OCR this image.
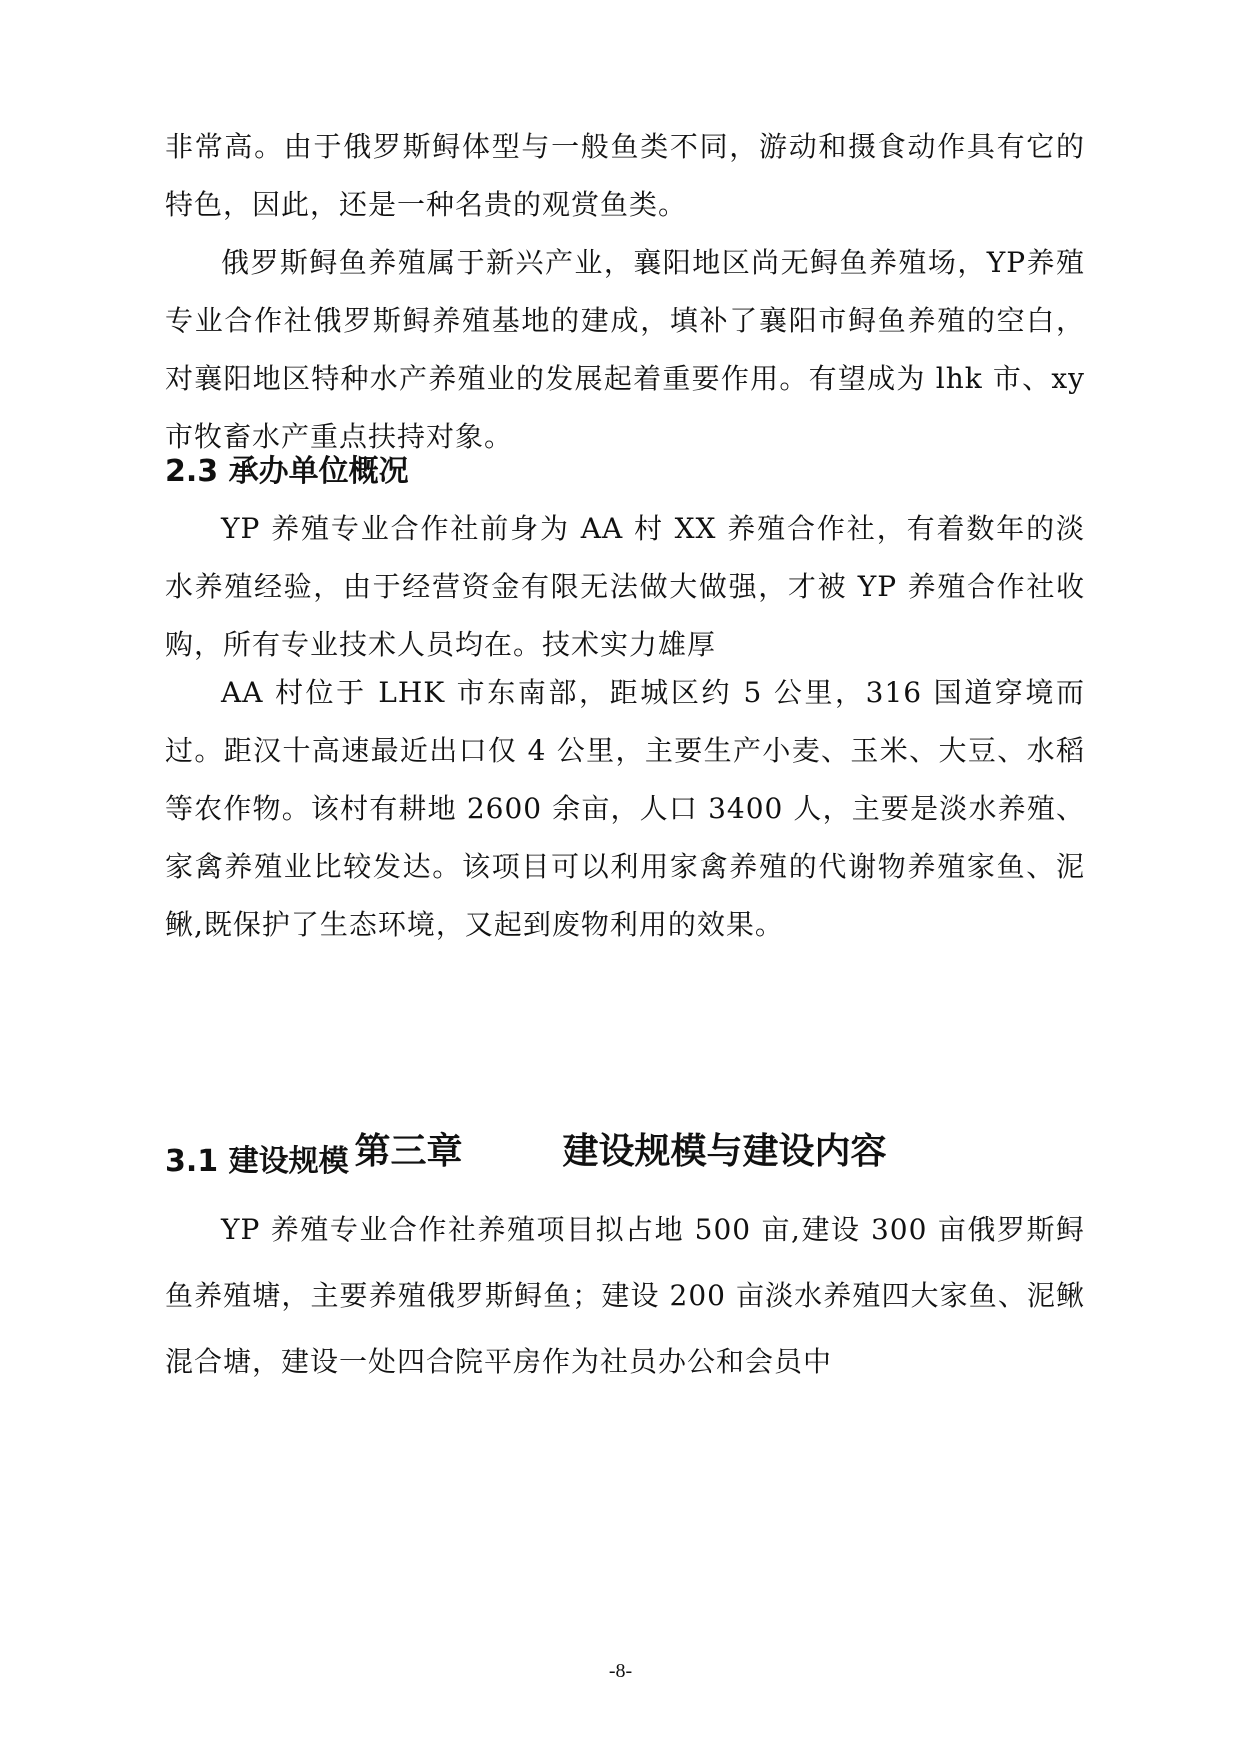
非常高。由于俄罗斯鲟体型与一般鱼类不同，游动和摄食动作具有它的特色，因此，还是一种名贵的观赏鱼类。

俄罗斯鲟鱼养殖属于新兴产业，襄阳地区尚无鲟鱼养殖场，YP养殖专业合作社俄罗斯鲟养殖基地的建成，填补了襄阳市鲟鱼养殖的空白，对襄阳地区特种水产养殖业的发展起着重要作用。有望成为 lhk 市、xy 市牧畜水产重点扶持对象。

2.3 承办单位概况

YP 养殖专业合作社前身为 AA 村 XX 养殖合作社，有着数年的淡水养殖经验，由于经营资金有限无法做大做强，才被 YP 养殖合作社收购，所有专业技术人员均在。技术实力雄厚

AA 村位于 LHK 市东南部，距城区约 5 公里，316 国道穿境而过。距汉十高速最近出口仅 4 公里，主要生产小麦、玉米、大豆、水稻等农作物。该村有耕地 2600 余亩，人口 3400 人，主要是淡水养殖、家禽养殖业比较发达。该项目可以利用家禽养殖的代谢物养殖家鱼、泥鳅,既保护了生态环境，又起到废物利用的效果。

第三章	建设规模与建设内容
3.1 建设规模

YP 养殖专业合作社养殖项目拟占地 500 亩,建设 300 亩俄罗斯鲟鱼养殖塘，主要养殖俄罗斯鲟鱼；建设 200 亩淡水养殖四大家鱼、泥鳅混合塘，建设一处四合院平房作为社员办公和会员中

-8-
